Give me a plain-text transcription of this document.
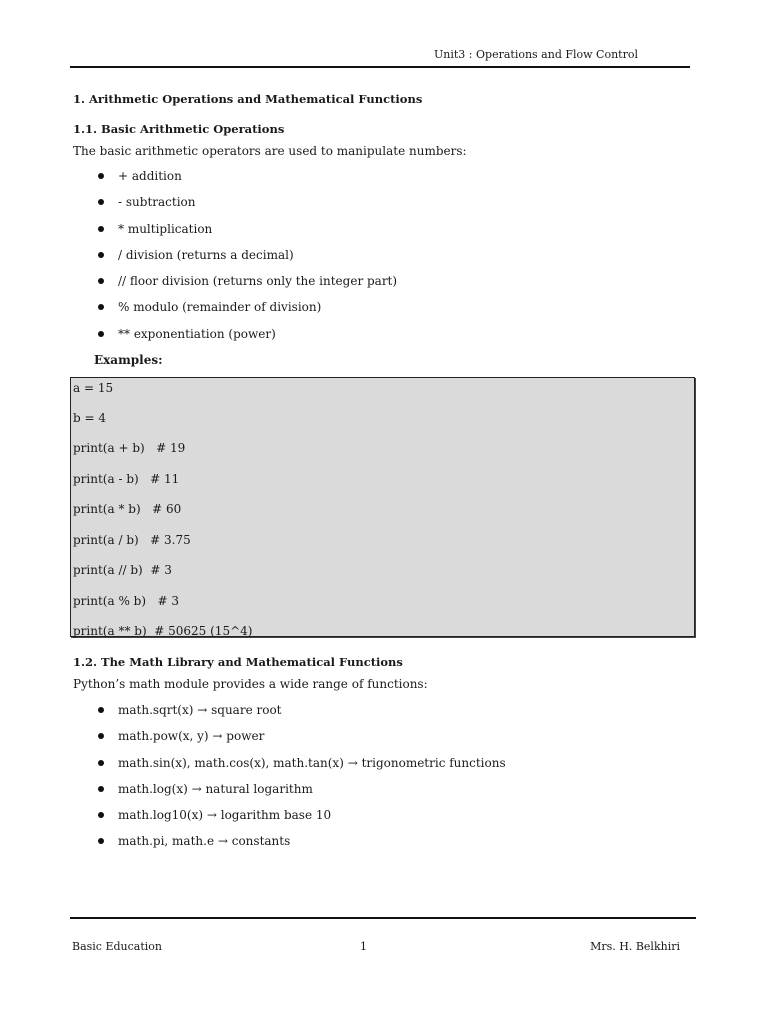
Unit3 : Operations and Flow Control
1. Arithmetic Operations and Mathematical Functions
1.1. Basic Arithmetic Operations
The basic arithmetic operators are used to manipulate numbers:
+ addition
- subtraction
* multiplication
/ division (returns a decimal)
// floor division (returns only the integer part)
% modulo (remainder of division)
** exponentiation (power)
Examples:
a = 15
b = 4
print(a + b)   # 19
print(a - b)   # 11
print(a * b)   # 60
print(a / b)   # 3.75
print(a // b)  # 3
print(a % b)   # 3
print(a ** b)  # 50625 (15^4)
1.2. The Math Library and Mathematical Functions
Python’s math module provides a wide range of functions:
math.sqrt(x) → square root
math.pow(x, y) → power
math.sin(x), math.cos(x), math.tan(x) → trigonometric functions
math.log(x) → natural logarithm
math.log10(x) → logarithm base 10
math.pi, math.e → constants
Basic Education	1	Mrs. H. Belkhiri
